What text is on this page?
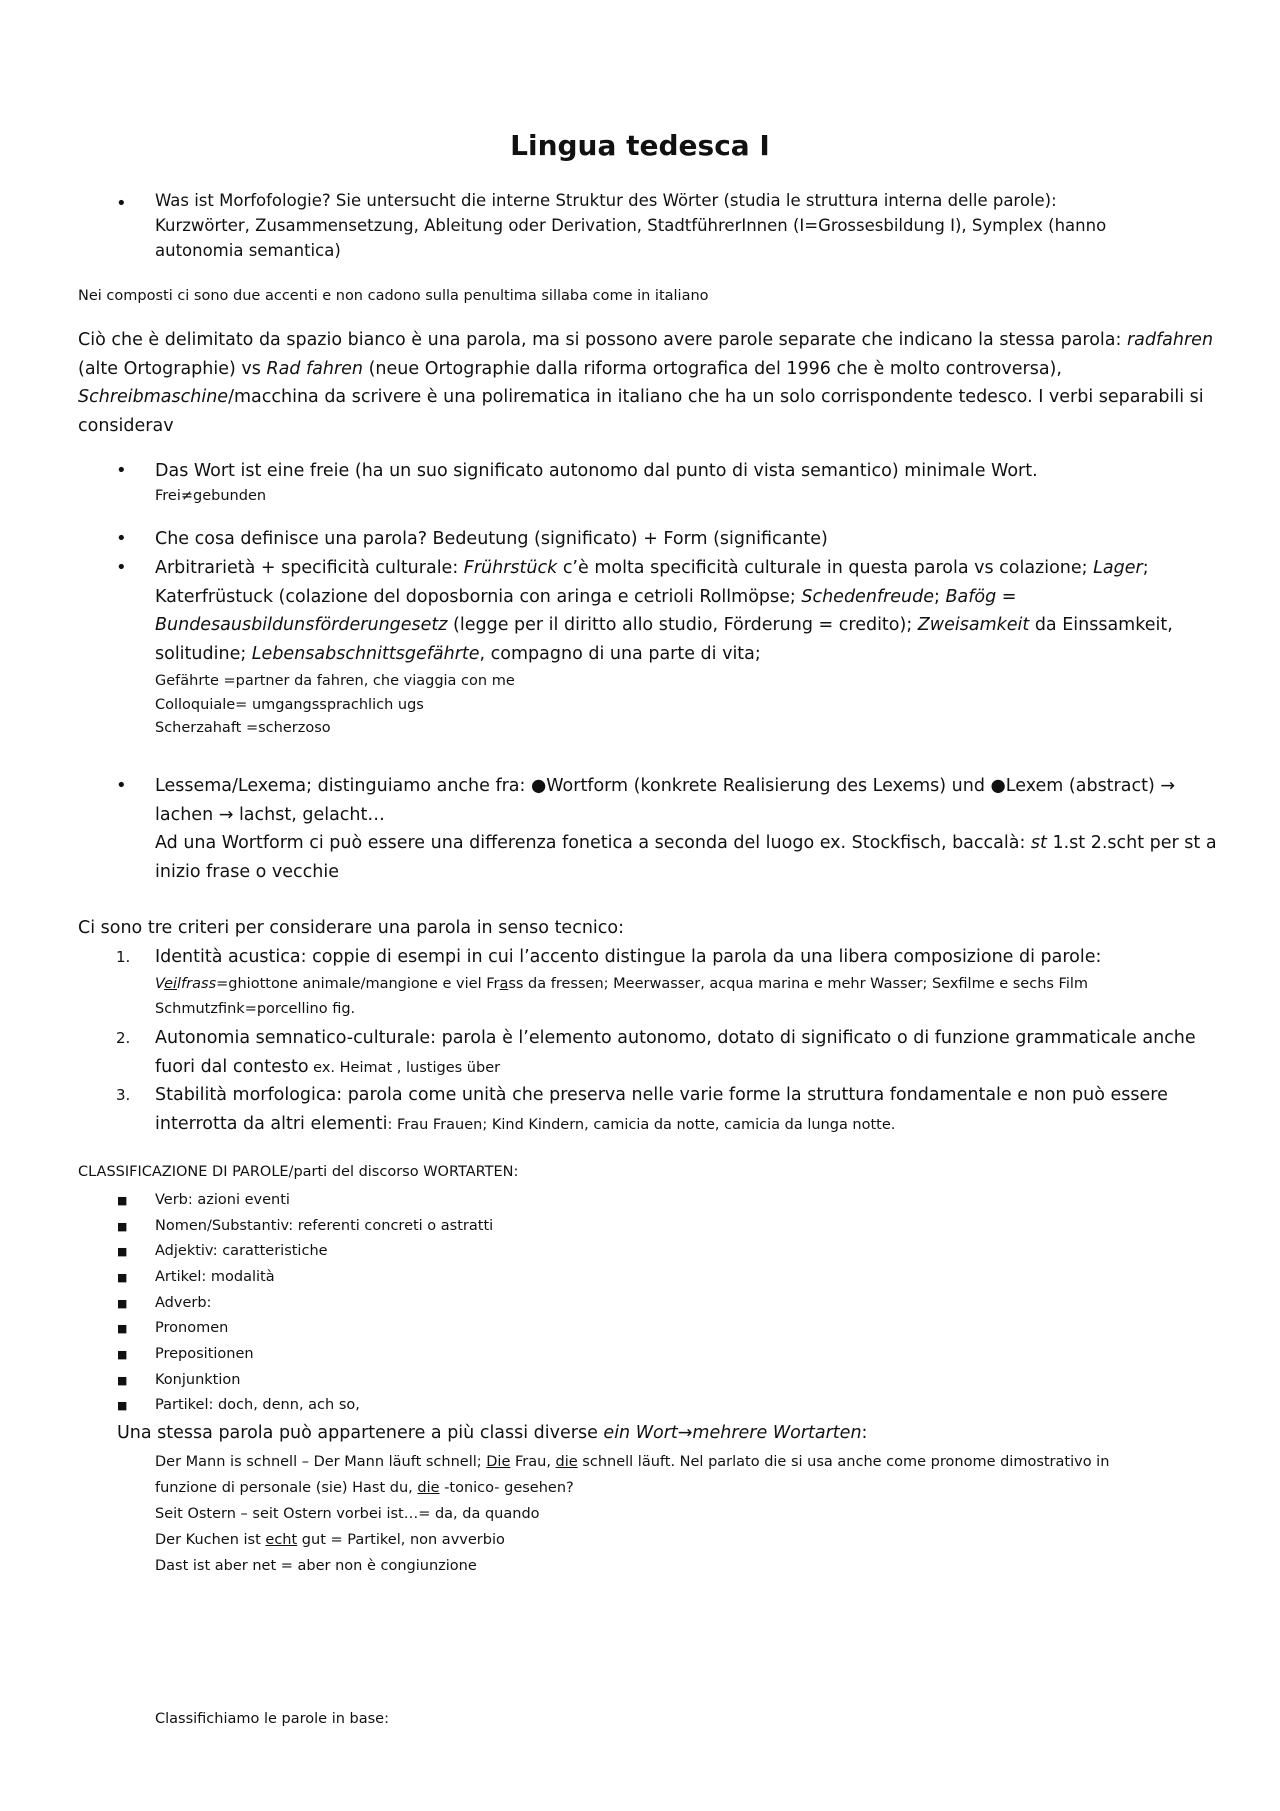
Lingua tedesca I
• Was ist Morfofologie? Sie untersucht die interne Struktur des Wörter (studia le struttura interna delle parole):
Kurzwörter, Zusammensetzung, Ableitung oder Derivation, StadtführerInnen (I=Grossesbildung I), Symplex (hanno
autonomia semantica)
Nei composti ci sono due accenti e non cadono sulla penultima sillaba come in italiano
Ciò che è delimitato da spazio bianco è una parola, ma si possono avere parole separate che indicano la stessa parola: radfahren
(alte Ortographie) vs Rad fahren (neue Ortographie dalla riforma ortografica del 1996 che è molto controversa),
Schreibmaschine/macchina da scrivere è una polirematica in italiano che ha un solo corrispondente tedesco. I verbi separabili si
considerav
• Das Wort ist eine freie (ha un suo significato autonomo dal punto di vista semantico) minimale Wort.
Frei≠gebunden
• Che cosa definisce una parola? Bedeutung (significato) + Form (significante)
• Arbitrarietà + specificità culturale: Frührstück c’è molta specificità culturale in questa parola vs colazione; Lager;
Katerfrüstuck (colazione del doposbornia con aringa e cetrioli Rollmöpse; Schedenfreude; Bafög =
Bundesausbildunsförderungesetz (legge per il diritto allo studio, Förderung = credito); Zweisamkeit da Einssamkeit,
solitudine; Lebensabschnittsgefährte, compagno di una parte di vita;
Gefährte =partner da fahren, che viaggia con me
Colloquiale= umgangssprachlich ugs
Scherzahaft =scherzoso
• Lessema/Lexema; distinguiamo anche fra: ●Wortform (konkrete Realisierung des Lexems) und ●Lexem (abstract) →
lachen → lachst, gelacht…
Ad una Wortform ci può essere una differenza fonetica a seconda del luogo ex. Stockfisch, baccalà: st 1.st 2.scht per st a
inizio frase o vecchie
Ci sono tre criteri per considerare una parola in senso tecnico:
1. Identità acustica: coppie di esempi in cui l’accento distingue la parola da una libera composizione di parole:
Veilfrass=ghiottone animale/mangione e viel Frass da fressen; Meerwasser, acqua marina e mehr Wasser; Sexfilme e sechs Film
Schmutzfink=porcellino fig.
2. Autonomia semnatico-culturale: parola è l’elemento autonomo, dotato di significato o di funzione grammaticale anche
fuori dal contesto ex. Heimat , lustiges über
3. Stabilità morfologica: parola come unità che preserva nelle varie forme la struttura fondamentale e non può essere
interrotta da altri elementi: Frau Frauen; Kind Kindern, camicia da notte, camicia da lunga notte.
CLASSIFICAZIONE DI PAROLE/parti del discorso WORTARTEN:
■ Verb: azioni eventi
■ Nomen/Substantiv: referenti concreti o astratti
■ Adjektiv: caratteristiche
■ Artikel: modalità
■ Adverb:
■ Pronomen
■ Prepositionen
■ Konjunktion
■ Partikel: doch, denn, ach so,
Una stessa parola può appartenere a più classi diverse ein Wort→mehrere Wortarten:
Der Mann is schnell – Der Mann läuft schnell; Die Frau, die schnell läuft. Nel parlato die si usa anche come pronome dimostrativo in
funzione di personale (sie) Hast du, die -tonico- gesehen?
Seit Ostern – seit Ostern vorbei ist…= da, da quando
Der Kuchen ist echt gut = Partikel, non avverbio
Dast ist aber net = aber non è congiunzione
Classifichiamo le parole in base:
